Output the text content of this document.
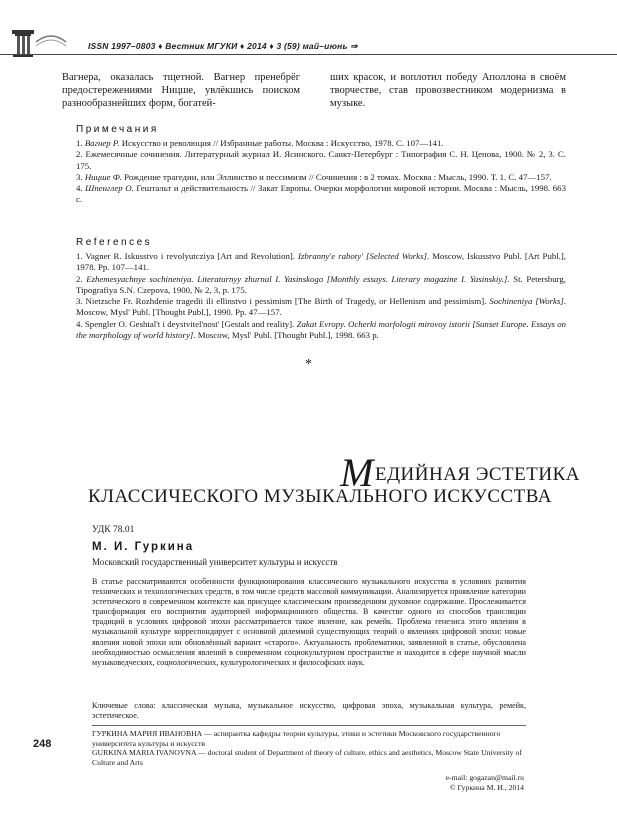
ISSN 1997–0803 ♦ Вестник МГУКИ ♦ 2014 ♦ 3 (59) май–июнь ⇒
Вагнера, оказалась тщетной. Вагнер пренебрёг предостережениями Ницше, увлёкшись поиском разнообразнейших форм, богатей-
ших красок, и воплотил победу Аполлона в своём творчестве, став провозвестником модернизма в музыке.
Примечания

1. Вагнер Р. Искусство и революция // Избранные работы. Москва : Искусство, 1978. С. 107—141.

2. Ежемесячные сочинения. Литературный журнал И. Ясинского. Санкт-Петербург : Типография С. Н. Цепова, 1900. № 2, 3. С. 175.

3. Ницше Ф. Рождение трагедии, или Эллинство и пессимизм // Сочинения : в 2 томах. Москва : Мысль, 1990. Т. 1. С. 47—157.

4. Шпенглер О. Гештальт и действительность // Закат Европы. Очерки морфологии мировой истории. Москва : Мысль, 1998. 663 с.

References

1. Vagner R. Iskusstvo i revolyutcziya [Art and Revolution]. Izbranny'e raboty' [Selected Works]. Moscow, Iskusstvo Publ. [Art Publ.], 1978. Pp. 107—141.

2. Ezhemesyachnye sochineniya. Literaturnyy zhurnal I. Yasinskogo [Monthly essays. Literary magazine I. Yasinskiy.]. St. Petersburg, Tipografiya S.N. Czepova, 1900, № 2, 3, p. 175.

3. Nietzsche Fr. Rozhdenie tragedii ili ellinstvo i pessimism [The Birth of Tragedy, or Hellenism and pessimism]. Sochineniya [Works]. Moscow, Mysl' Publ. [Thought Publ.], 1990. Pp. 47—157.

4. Spengler O. Geshtal't i deystvitel'nost' [Gestalt and reality]. Zakat Evropy. Ocherki morfologii mirovoy istorii [Sunset Europe. Essays on the morphology of world history]. Moscow, Mysl' Publ. [Thought Publ.], 1998. 663 p.

*
МЕДИЙНАЯ ЭСТЕТИКА
КЛАССИЧЕСКОГО МУЗЫКАЛЬНОГО ИСКУССТВА
УДК 78.01
М. И. Гуркина
Московский государственный университет культуры и искусств
В статье рассматриваются особенности функционирования классического музыкального искусства в условиях развития технических и технологических средств, в том числе средств массовой коммуникации. Анализируется проявление категории эстетического в современном контексте как присущее классическим произведениям духовное содержание. Прослеживается трансформация его восприятия аудиторией информационного общества. В качестве одного из способов трансляции традиций в условиях цифровой эпохи рассматривается такое явление, как ремейк. Проблема генезиса этого явления в музыкальной культуре корреспондирует с основной дилеммой существующих теорий о явлениях цифровой эпохи: новые явления новой эпохи или обновлённый вариант «старого». Актуальность проблематики, заявленной в статье, обусловлена необходимостью осмысления явлений в современном социокультурном пространстве и находится в сфере научной мысли музыковедческих, социологических, культурологических и философских наук.
Ключевые слова: классическая музыка, музыкальное искусство, цифровая эпоха, музыкальная культура, ремейк, эстетическое.
248
ГУРКИНА МАРИЯ ИВАНОВНА — аспирантка кафедры теории культуры, этики и эстетики Московского государственного университета культуры и искусств
GURKINA MARIA IVANOVNA — doctoral student of Department of theory of culture, ethics and aesthetics, Moscow State University of Culture and Arts
e-mail: gogazan@mail.ru
© Гуркина М. И., 2014
